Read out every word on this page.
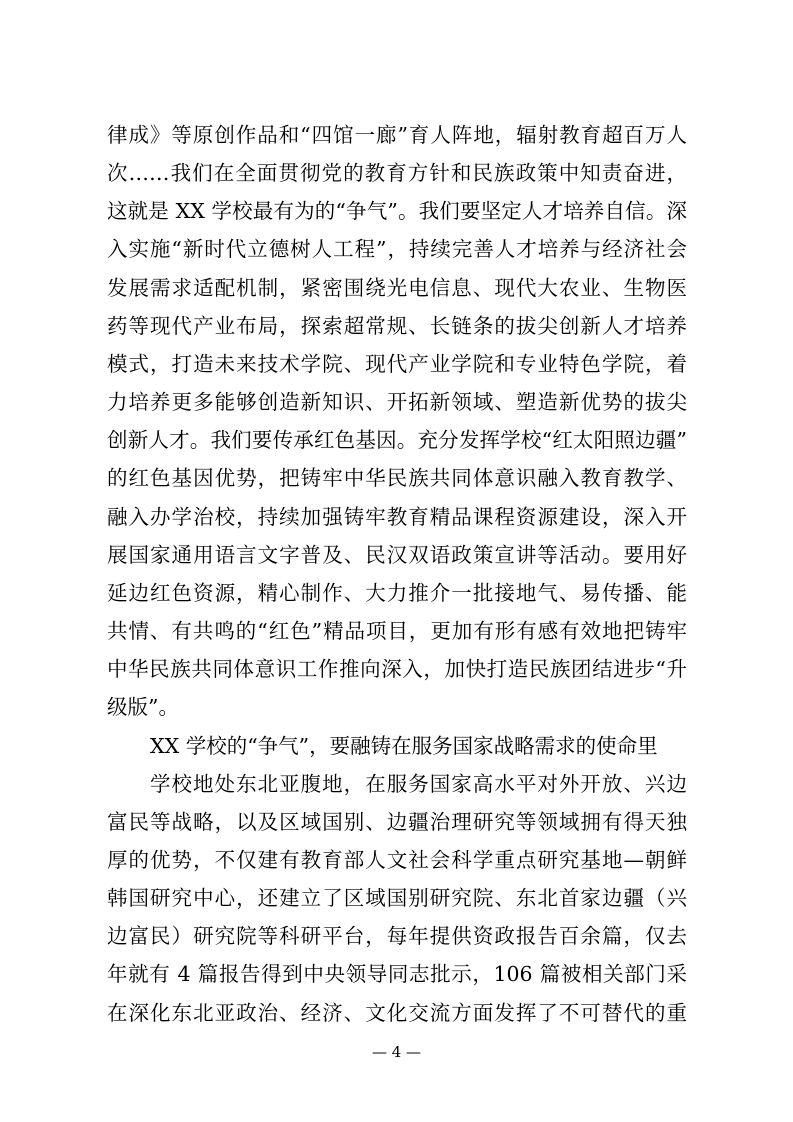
律成》等原创作品和“四馆一廊”育人阵地，辐射教育超百万人
次……我们在全面贯彻党的教育方针和民族政策中知责奋进，
这就是 XX 学校最有为的“争气”。我们要坚定人才培养自信。深
入实施“新时代立德树人工程”，持续完善人才培养与经济社会
发展需求适配机制，紧密围绕光电信息、现代大农业、生物医
药等现代产业布局，探索超常规、长链条的拔尖创新人才培养
模式，打造未来技术学院、现代产业学院和专业特色学院，着
力培养更多能够创造新知识、开拓新领域、塑造新优势的拔尖
创新人才。我们要传承红色基因。充分发挥学校“红太阳照边疆”
的红色基因优势，把铸牢中华民族共同体意识融入教育教学、
融入办学治校，持续加强铸牢教育精品课程资源建设，深入开
展国家通用语言文字普及、民汉双语政策宣讲等活动。要用好
延边红色资源，精心制作、大力推介一批接地气、易传播、能
共情、有共鸣的“红色”精品项目，更加有形有感有效地把铸牢
中华民族共同体意识工作推向深入，加快打造民族团结进步“升
级版”。
XX 学校的“争气”，要融铸在服务国家战略需求的使命里
学校地处东北亚腹地，在服务国家高水平对外开放、兴边
富民等战略，以及区域国别、边疆治理研究等领域拥有得天独
厚的优势，不仅建有教育部人文社会科学重点研究基地—朝鲜
韩国研究中心，还建立了区域国别研究院、东北首家边疆（兴
边富民）研究院等科研平台，每年提供资政报告百余篇，仅去
年就有 4 篇报告得到中央领导同志批示，106 篇被相关部门采
在深化东北亚政治、经济、文化交流方面发挥了不可替代的重
— 4 —
